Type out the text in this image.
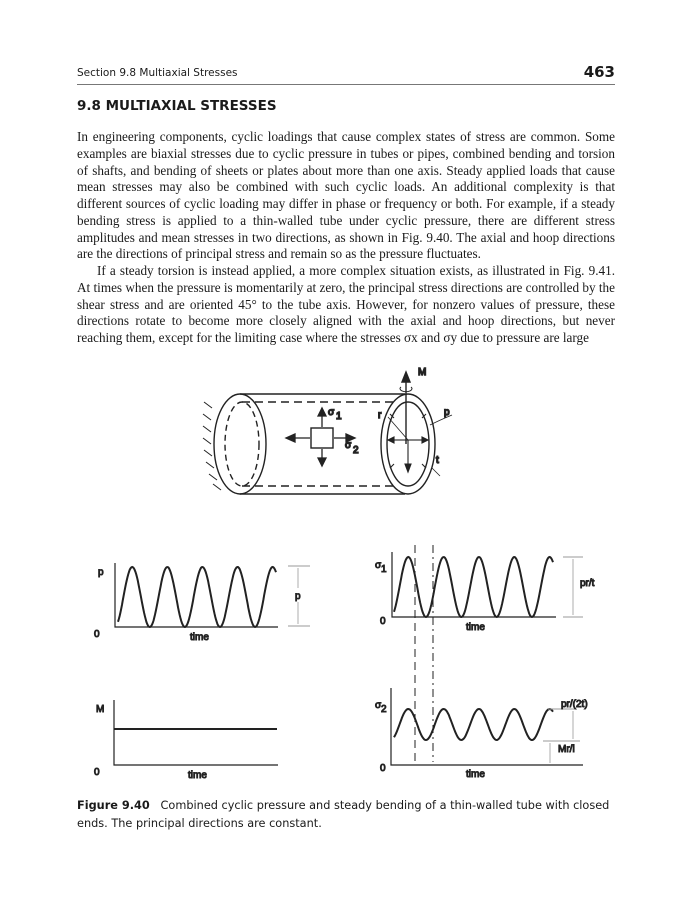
Section 9.8 Multiaxial Stresses	463
9.8 MULTIAXIAL STRESSES

In engineering components, cyclic loadings that cause complex states of stress are common. Some examples are biaxial stresses due to cyclic pressure in tubes or pipes, combined bending and torsion of shafts, and bending of sheets or plates about more than one axis. Steady applied loads that cause mean stresses may also be combined with such cyclic loads. An additional complexity is that different sources of cyclic loading may differ in phase or frequency or both. For example, if a steady bending stress is applied to a thin-walled tube under cyclic pressure, there are different stress amplitudes and mean stresses in two directions, as shown in Fig. 9.40. The axial and hoop directions are the directions of principal stress and remain so as the pressure fluctuates.

If a steady torsion is instead applied, a more complex situation exists, as illustrated in Fig. 9.41. At times when the pressure is momentarily at zero, the principal stress directions are controlled by the shear stress and are oriented 45° to the tube axis. However, for nonzero values of pressure, these directions rotate to become more closely aligned with the axial and hoop directions, but never reaching them, except for the limiting case where the stresses σx and σy due to pressure are large

M
σ 1
σ 2
r	p
t
p
0	time
p
M
0	time
σ 1
0
time
pr/t
σ 2
0
time
pr/(2t)
Mr/l
Figure 9.40 Combined cyclic pressure and steady bending of a thin-walled tube with closed ends. The principal directions are constant.
